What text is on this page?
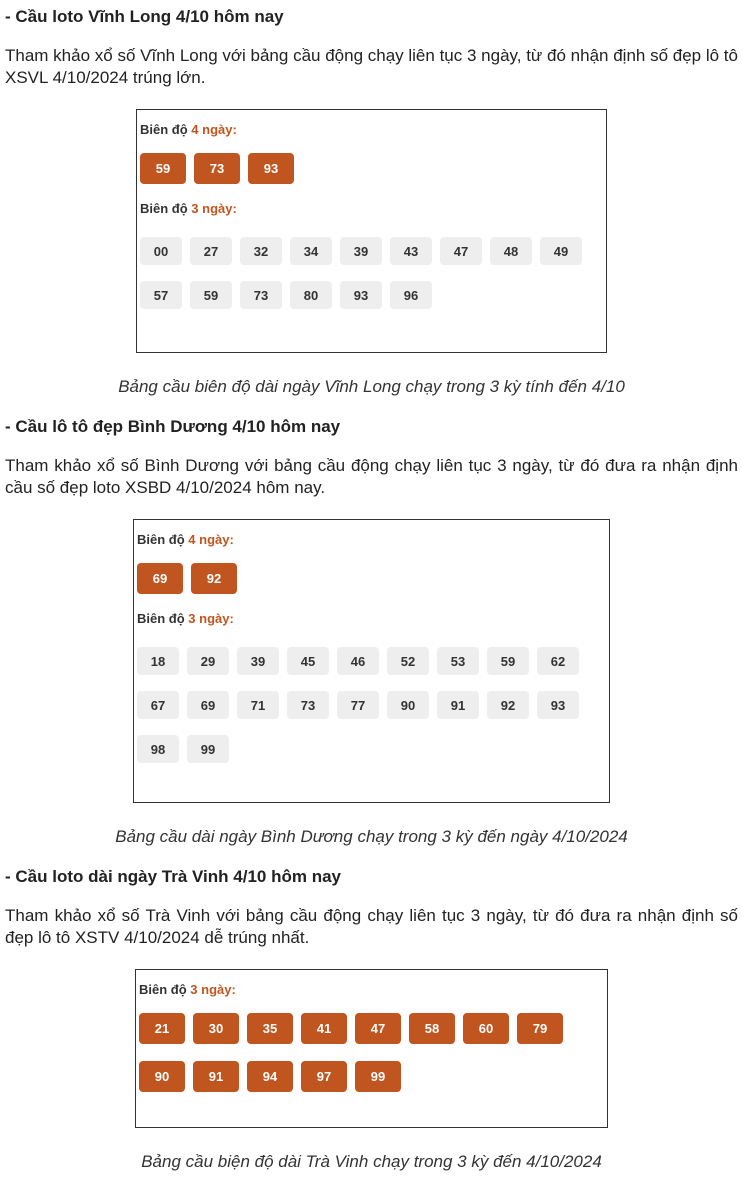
- Cầu loto Vĩnh Long 4/10 hôm nay

Tham khảo xổ số Vĩnh Long với bảng cầu động chạy liên tục 3 ngày, từ đó nhận định số đẹp lô tô XSVL 4/10/2024 trúng lớn.

Biên độ 4 ngày:

59	73	93

Biên độ 3 ngày:

00	27	32	34	39	43	47	48	49
57	59	73	80	93	96

Bảng cầu biên độ dài ngày Vĩnh Long chạy trong 3 kỳ tính đến 4/10

- Cầu lô tô đẹp Bình Dương 4/10 hôm nay

Tham khảo xổ số Bình Dương với bảng cầu động chạy liên tục 3 ngày, từ đó đưa ra nhận định cầu số đẹp loto XSBD 4/10/2024 hôm nay.

Biên độ 4 ngày:

69	92

Biên độ 3 ngày:

18	29	39	45	46	52	53	59	62
67	69	71	73	77	90	91	92	93
98	99

Bảng cầu dài ngày Bình Dương chạy trong 3 kỳ đến ngày 4/10/2024

- Cầu loto dài ngày Trà Vinh 4/10 hôm nay

Tham khảo xổ số Trà Vinh với bảng cầu động chạy liên tục 3 ngày, từ đó đưa ra nhận định số đẹp lô tô XSTV 4/10/2024 dễ trúng nhất.

Biên độ 3 ngày:

21	30	35	41	47	58	60	79
90	91	94	97	99

Bảng cầu biện độ dài Trà Vinh chạy trong 3 kỳ đến 4/10/2024
